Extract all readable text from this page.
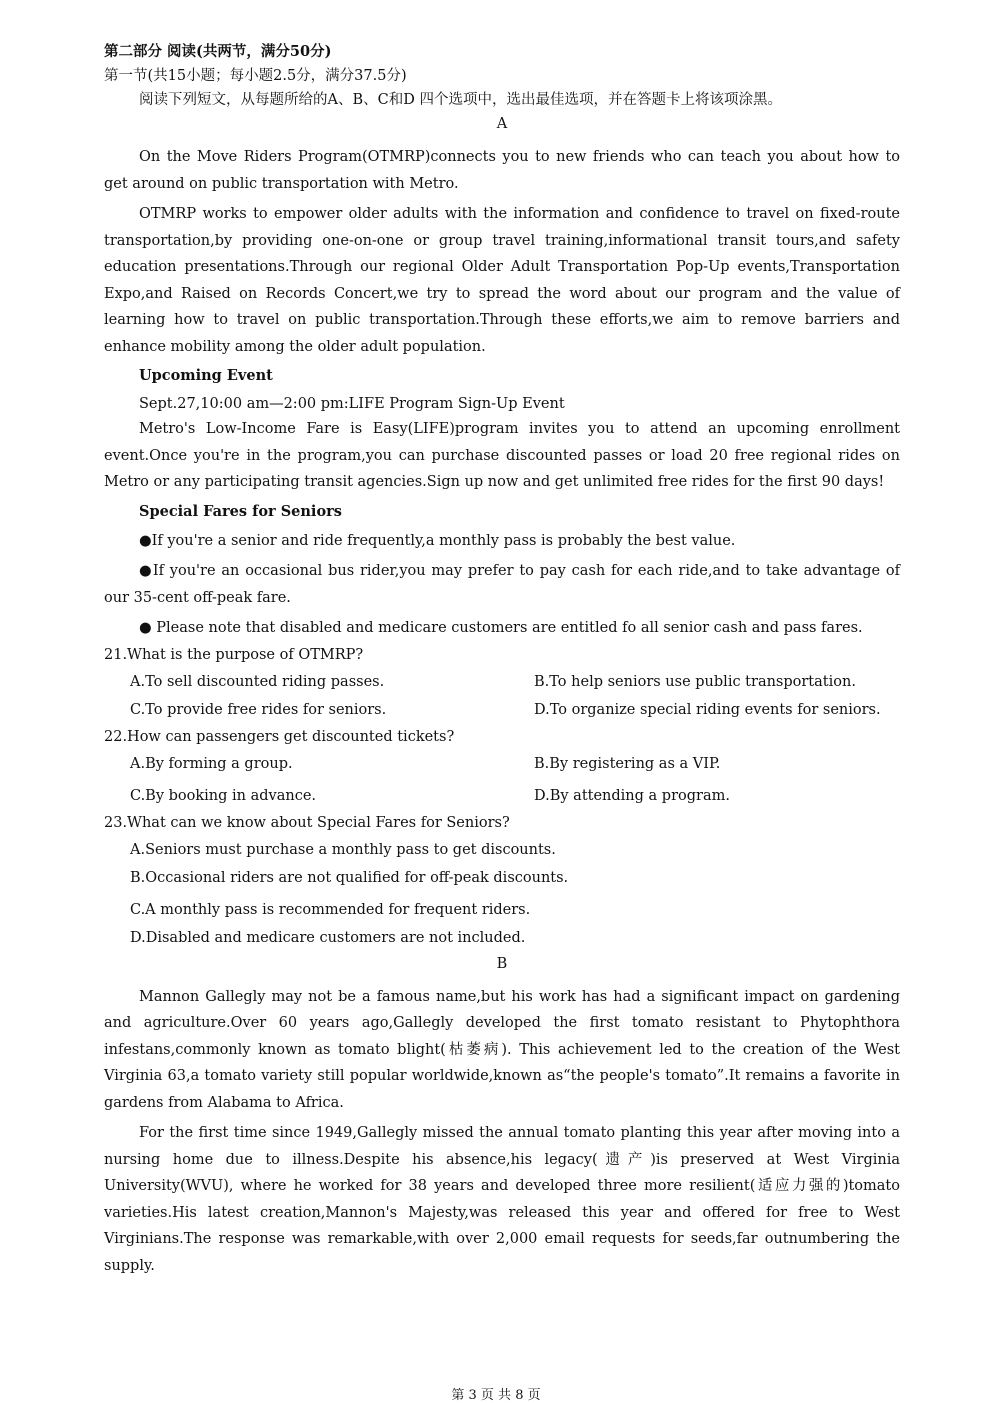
第二部分 阅读(共两节，满分50分)
第一节(共15小题；每小题2.5分，满分37.5分)
阅读下列短文，从每题所给的A、B、C和D 四个选项中，选出最佳选项，并在答题卡上将该项涂黑。
A

On the Move Riders Program(OTMRP)connects you to new friends who can teach you about how to get around on public transportation with Metro.

OTMRP works to empower older adults with the information and confidence to travel on fixed-route transportation,by providing one-on-one or group travel training,informational transit tours,and safety education presentations.Through our regional Older Adult Transportation Pop-Up events,Transportation Expo,and Raised on Records Concert,we try to spread the word about our program and the value of learning how to travel on public transportation.Through these efforts,we aim to remove barriers and enhance mobility among the older adult population.

Upcoming Event
Sept.27,10:00 am—2:00 pm:LIFE Program Sign-Up Event

Metro's Low-Income Fare is Easy(LIFE)program invites you to attend an upcoming enrollment event.Once you're in the program,you can purchase discounted passes or load 20 free regional rides on Metro or any participating transit agencies.Sign up now and get unlimited free rides for the first 90 days!

Special Fares for Seniors

●If you're a senior and ride frequently,a monthly pass is probably the best value.

●If you're an occasional bus rider,you may prefer to pay cash for each ride,and to take advantage of our 35-cent off-peak fare.

● Please note that disabled and medicare customers are entitled fo all senior cash and pass fares.

21.What is the purpose of OTMRP?
A.To sell discounted riding passes.	B.To help seniors use public transportation.
C.To provide free rides for seniors.	D.To organize special riding events for seniors.
22.How can passengers get discounted tickets?
A.By forming a group.	B.By registering as a VIP.
C.By booking in advance.	D.By attending a program.
23.What can we know about Special Fares for Seniors?
A.Seniors must purchase a monthly pass to get discounts.
B.Occasional riders are not qualified for off-peak discounts.
C.A monthly pass is recommended for frequent riders.
D.Disabled and medicare customers are not included.
B

Mannon Gallegly may not be a famous name,but his work has had a significant impact on gardening and agriculture.Over 60 years ago,Gallegly developed the first tomato resistant to Phytophthora infestans,commonly known as tomato blight(枯萎病). This achievement led to the creation of the West Virginia 63,a tomato variety still popular worldwide,known as“the people's tomato”.It remains a favorite in gardens from Alabama to Africa.

For the first time since 1949,Gallegly missed the annual tomato planting this year after moving into a nursing home due to illness.Despite his absence,his legacy(遗产)is preserved at West Virginia University(WVU), where he worked for 38 years and developed three more resilient(适应力强的)tomato varieties.His latest creation,Mannon's Majesty,was released this year and offered for free to West Virginians.The response was remarkable,with over 2,000 email requests for seeds,far outnumbering the supply.

第 3 页 共 8 页
